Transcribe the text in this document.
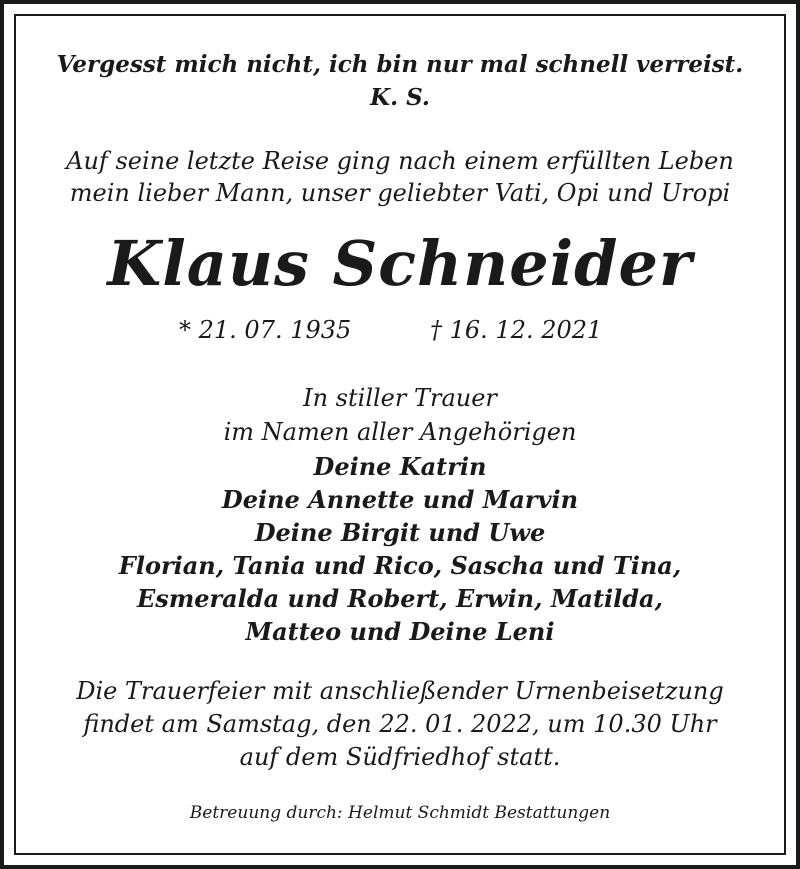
Vergesst mich nicht, ich bin nur mal schnell verreist.
K. S.
Auf seine letzte Reise ging nach einem erfüllten Leben
mein lieber Mann, unser geliebter Vati, Opi und Uropi
Klaus Schneider
* 21. 07. 1935	† 16. 12. 2021
In stiller Trauer
im Namen aller Angehörigen
Deine Katrin
Deine Annette und Marvin
Deine Birgit und Uwe
Florian, Tania und Rico, Sascha und Tina,
Esmeralda und Robert, Erwin, Matilda,
Matteo und Deine Leni
Die Trauerfeier mit anschließender Urnenbeisetzung
findet am Samstag, den 22. 01. 2022, um 10.30 Uhr
auf dem Südfriedhof statt.
Betreuung durch: Helmut Schmidt Bestattungen
